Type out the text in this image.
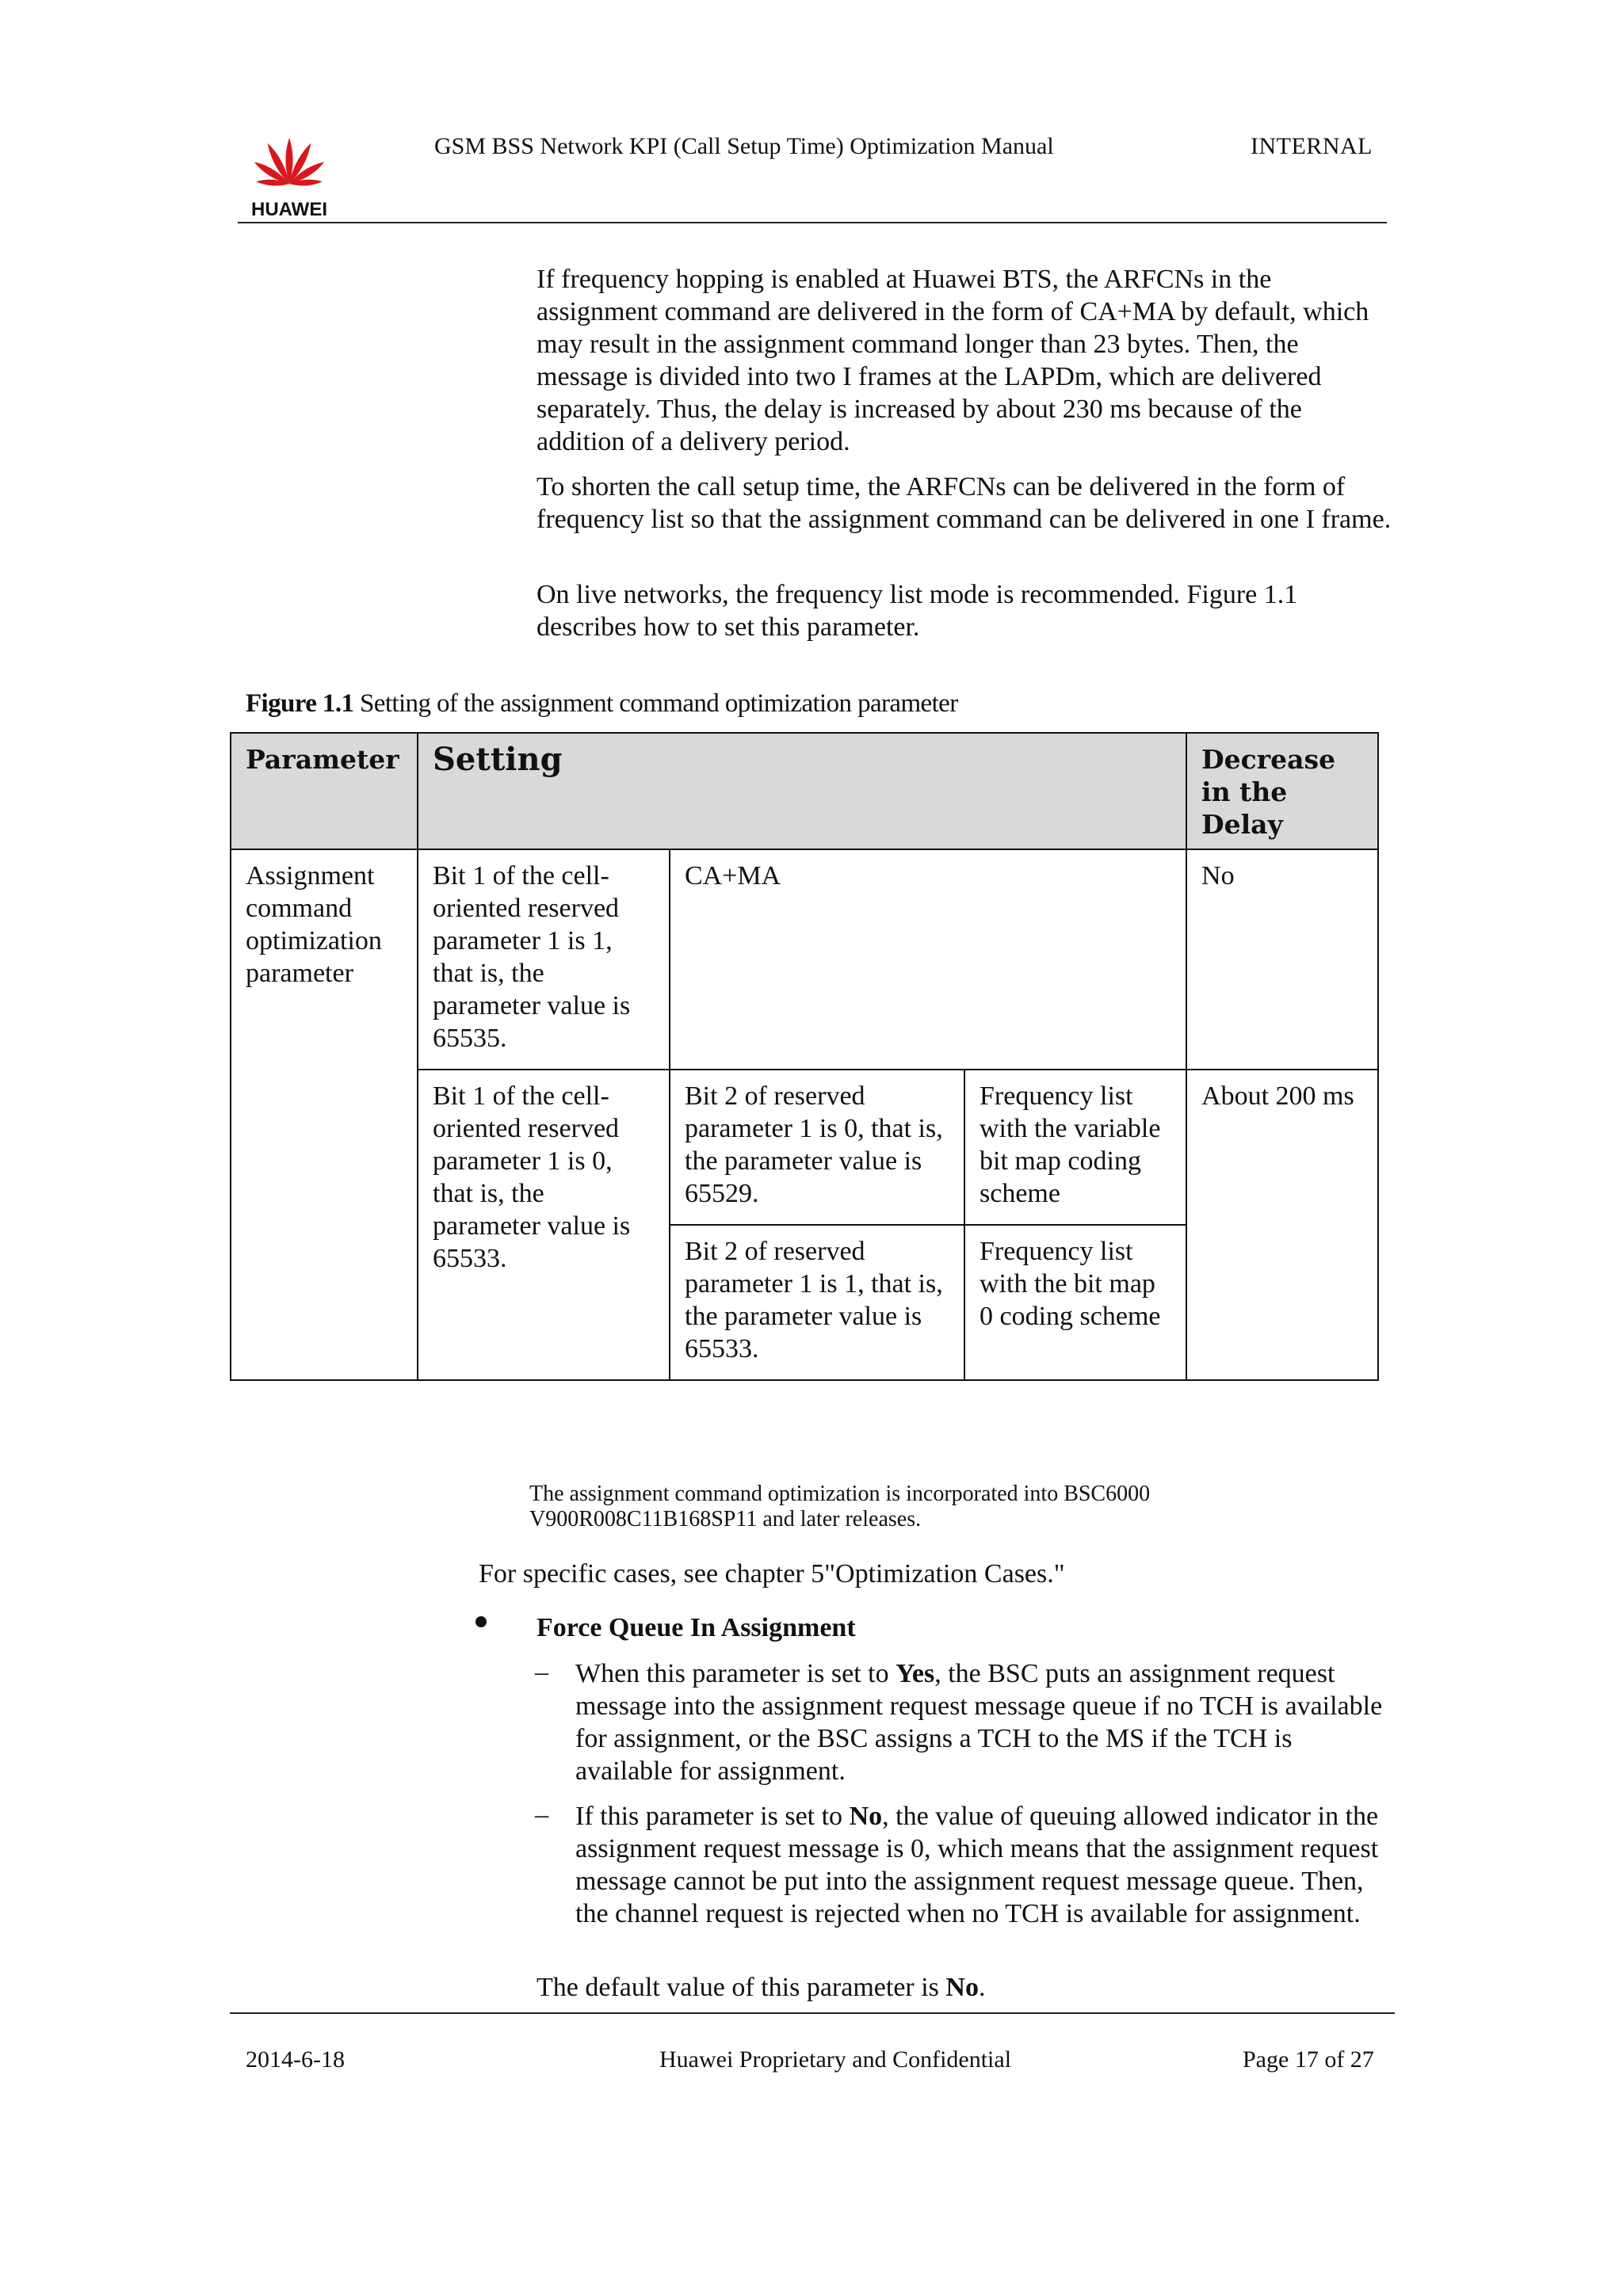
HUAWEI
GSM BSS Network KPI (Call Setup Time) Optimization Manual	INTERNAL
If frequency hopping is enabled at Huawei BTS, the ARFCNs in the assignment command are delivered in the form of CA+MA by default, which may result in the assignment command longer than 23 bytes. Then, the message is divided into two I frames at the LAPDm, which are delivered separately. Thus, the delay is increased by about 230 ms because of the addition of a delivery period.
To shorten the call setup time, the ARFCNs can be delivered in the form of frequency list so that the assignment command can be delivered in one I frame.
On live networks, the frequency list mode is recommended. Figure 1.1 describes how to set this parameter.
Figure 1.1 Setting of the assignment command optimization parameter
Parameter	Setting			Decrease in the Delay
Assignment command optimization parameter	Bit 1 of the cell-oriented reserved parameter 1 is 1, that is, the parameter value is 65535.	CA+MA		No
	Bit 1 of the cell-oriented reserved parameter 1 is 0, that is, the parameter value is 65533.	Bit 2 of reserved parameter 1 is 0, that is, the parameter value is 65529.	Frequency list with the variable bit map coding scheme	About 200 ms
		Bit 2 of reserved parameter 1 is 1, that is, the parameter value is 65533.	Frequency list with the bit map 0 coding scheme	
The assignment command optimization is incorporated into BSC6000 V900R008C11B168SP11 and later releases.
For specific cases, see chapter 5"Optimization Cases."
Force Queue In Assignment
– When this parameter is set to Yes, the BSC puts an assignment request message into the assignment request message queue if no TCH is available for assignment, or the BSC assigns a TCH to the MS if the TCH is available for assignment.
– If this parameter is set to No, the value of queuing allowed indicator in the assignment request message is 0, which means that the assignment request message cannot be put into the assignment request message queue. Then, the channel request is rejected when no TCH is available for assignment.
The default value of this parameter is No.
2014-6-18	Huawei Proprietary and Confidential	Page 17 of 27
